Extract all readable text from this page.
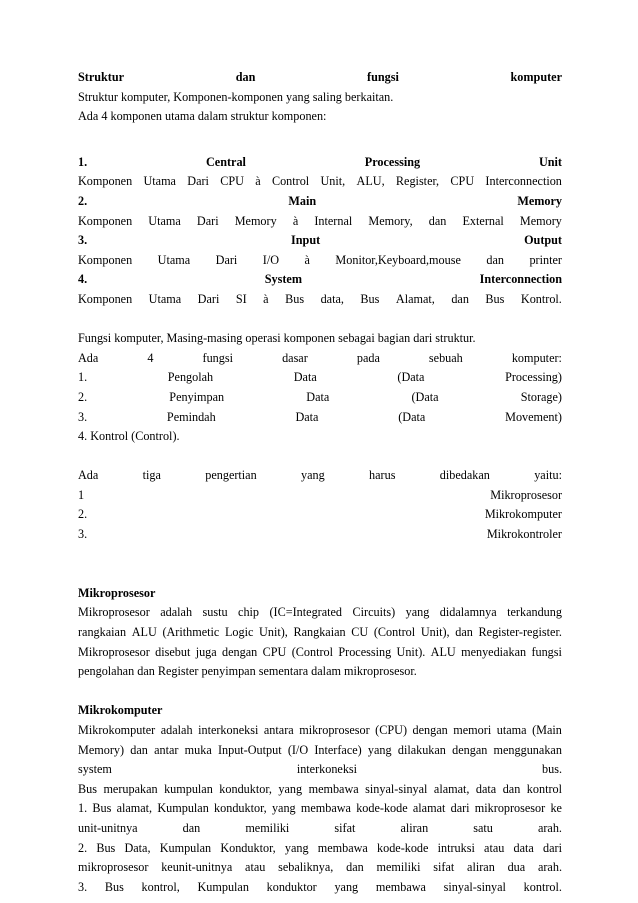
Struktur	dan	fungsi	komputer
Struktur komputer, Komponen-komponen yang saling berkaitan.
Ada 4 komponen utama dalam struktur komponen:
1.	Central	Processing	Unit
Komponen Utama Dari CPU à Control Unit, ALU, Register, CPU Interconnection
2.	Main	Memory
Komponen Utama Dari Memory à Internal Memory, dan External Memory
3.	Input	Output
Komponen Utama Dari I/O à Monitor,Keyboard,mouse dan printer
4.	System	Interconnection
Komponen Utama Dari SI à Bus data, Bus Alamat, dan Bus Kontrol.
Fungsi komputer, Masing-masing operasi komponen sebagai bagian dari struktur.
Ada	4	fungsi	dasar	pada	sebuah	komputer:
1.	Pengolah	Data	(Data	Processing)
2.	Penyimpan	Data	(Data	Storage)
3.	Pemindah	Data	(Data	Movement)
4. Kontrol (Control).
Ada	tiga	pengertian	yang	harus	dibedakan	yaitu:
1	Mikroprosesor
2.	Mikrokomputer
3.	Mikrokontroler
Mikroprosesor
Mikroprosesor adalah sustu chip (IC=Integrated Circuits) yang didalamnya terkandung
rangkaian ALU (Arithmetic Logic Unit), Rangkaian CU (Control Unit), dan Register-register.
Mikroprosesor disebut juga dengan CPU (Control Processing Unit). ALU menyediakan fungsi
pengolahan dan Register penyimpan sementara dalam mikroprosesor.
Mikrokomputer
Mikrokomputer adalah interkoneksi antara mikroprosesor (CPU) dengan memori utama (Main
Memory) dan antar muka Input-Output (I/O Interface) yang dilakukan dengan menggunakan
system	interkoneksi	bus.
Bus merupakan kumpulan konduktor, yang membawa sinyal-sinyal alamat, data dan kontrol
1. Bus alamat, Kumpulan konduktor, yang membawa kode-kode alamat dari mikroprosesor ke
unit-unitnya	dan	memiliki	sifat	aliran	satu	arah.
2. Bus Data, Kumpulan Konduktor, yang membawa kode-kode intruksi atau data dari
mikroprosesor keunit-unitnya atau sebaliknya, dan memiliki sifat aliran dua arah.
3. Bus kontrol, Kumpulan konduktor yang membawa sinyal-sinyal kontrol.
